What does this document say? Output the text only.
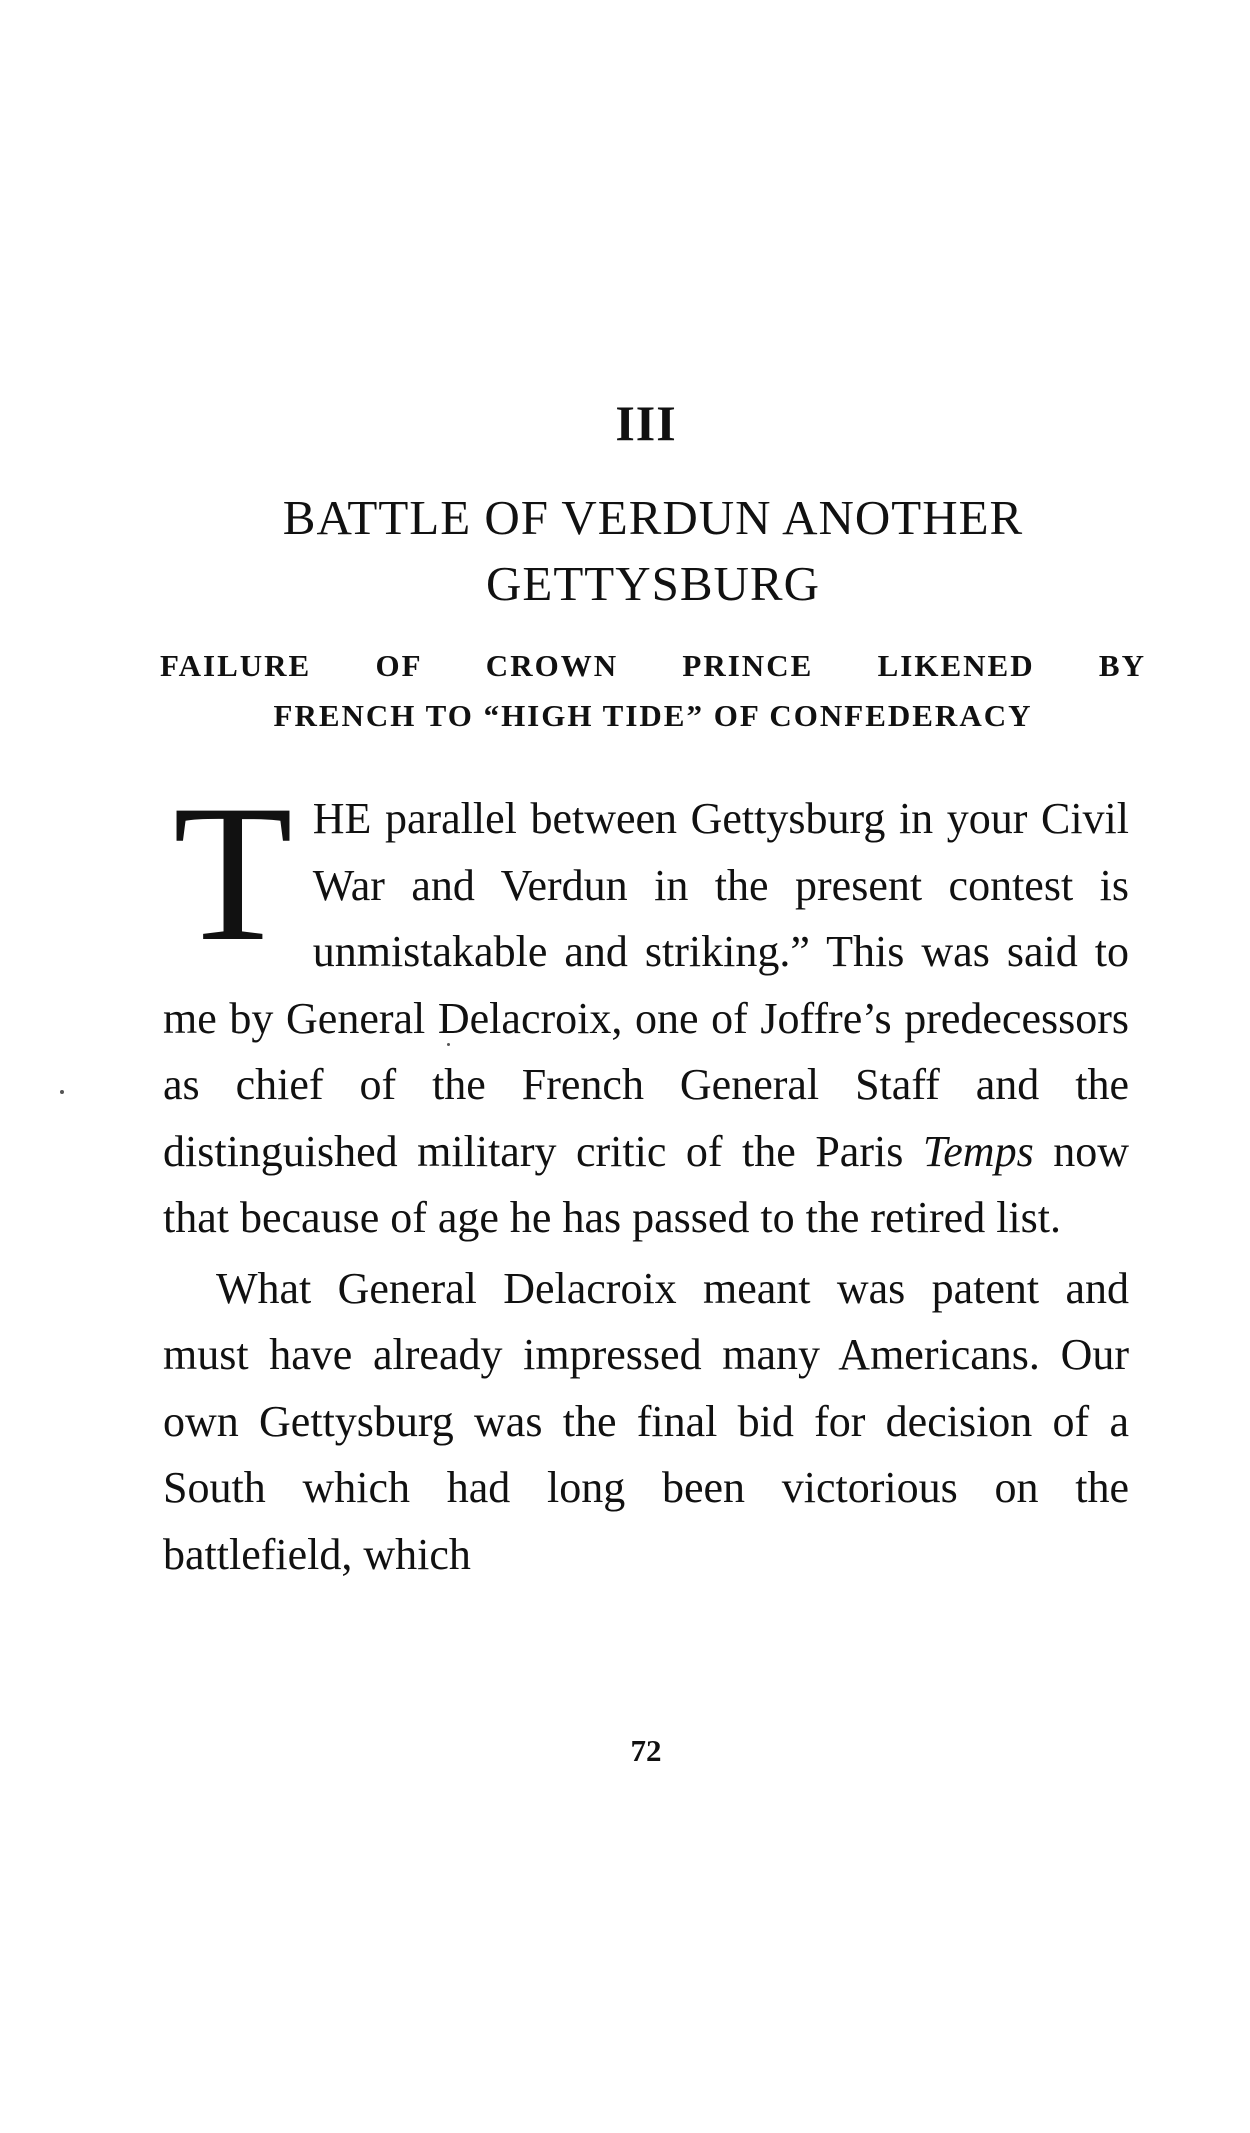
III
BATTLE OF VERDUN ANOTHER
GETTYSBURG
FAILURE OF CROWN PRINCE LIKENED BY
FRENCH TO “HIGH TIDE” OF CONFEDERACY

THE parallel between Gettysburg in your Civil War and Verdun in the present contest is unmistakable and striking.” This was said to me by General Delacroix, one of Joffre’s predecessors as chief of the French General Staff and the distinguished military critic of the Paris Temps now that because of age he has passed to the retired list.

What General Delacroix meant was patent and must have already impressed many Americans. Our own Gettysburg was the final bid for decision of a South which had long been victorious on the battlefield, which

72
